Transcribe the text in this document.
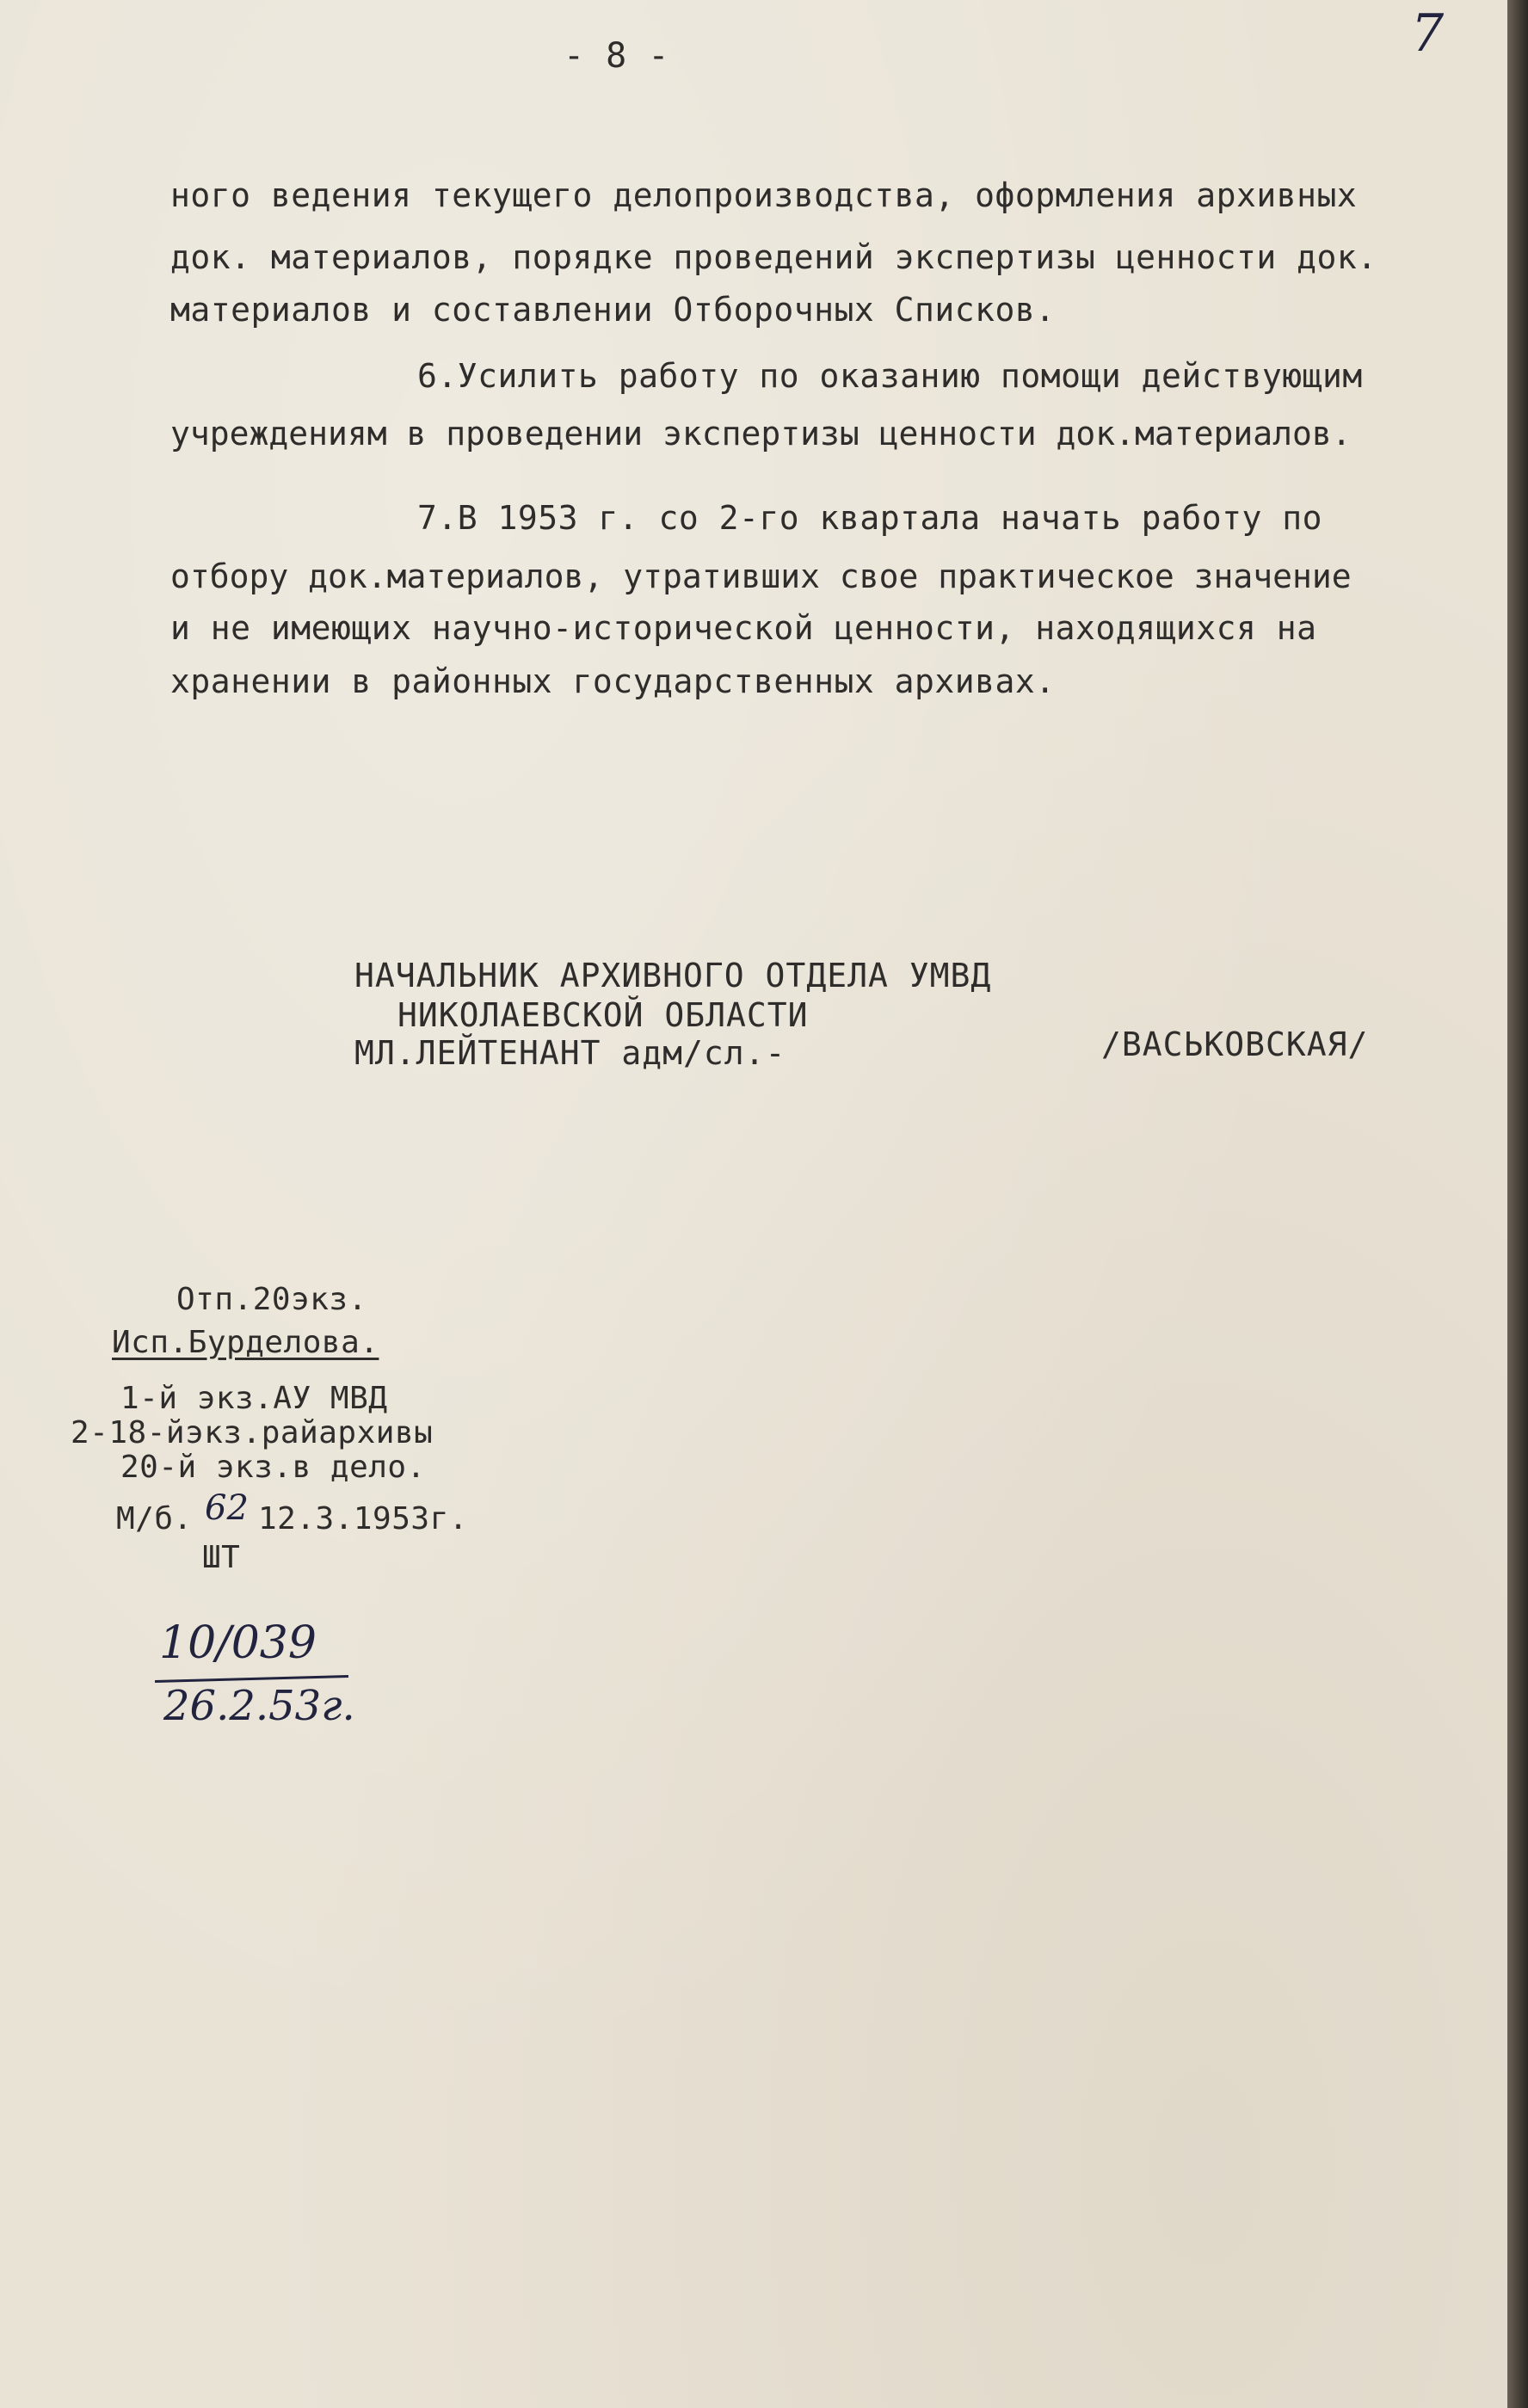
- 8 -	7
ного ведения текущего делопроизводства, оформления архивных
док. материалов, порядке проведений экспертизы ценности док.
материалов и составлении Отборочных Списков.
6.Усилить работу по оказанию помощи действующим
учреждениям в проведении экспертизы ценности док.материалов.
7.В 1953 г. со 2-го квартала начать работу по
отбору док.материалов, утративших свое практическое значение
и не имеющих научно-исторической ценности, находящихся на
хранении в районных государственных архивах.
НАЧАЛЬНИК АРХИВНОГО ОТДЕЛА УМВД
НИКОЛАЕВСКОЙ ОБЛАСТИ
МЛ.ЛЕЙТЕНАНТ адм/сл.-	/ВАСЬКОВСКАЯ/
Отп.20экз.
Исп.Бурделова.
1-й экз.АУ МВД
2-18-йэкз.райархивы
20-й экз.в дело.
М/б. 62 12.3.1953г.
ШТ
10/039
26.2.53г.
